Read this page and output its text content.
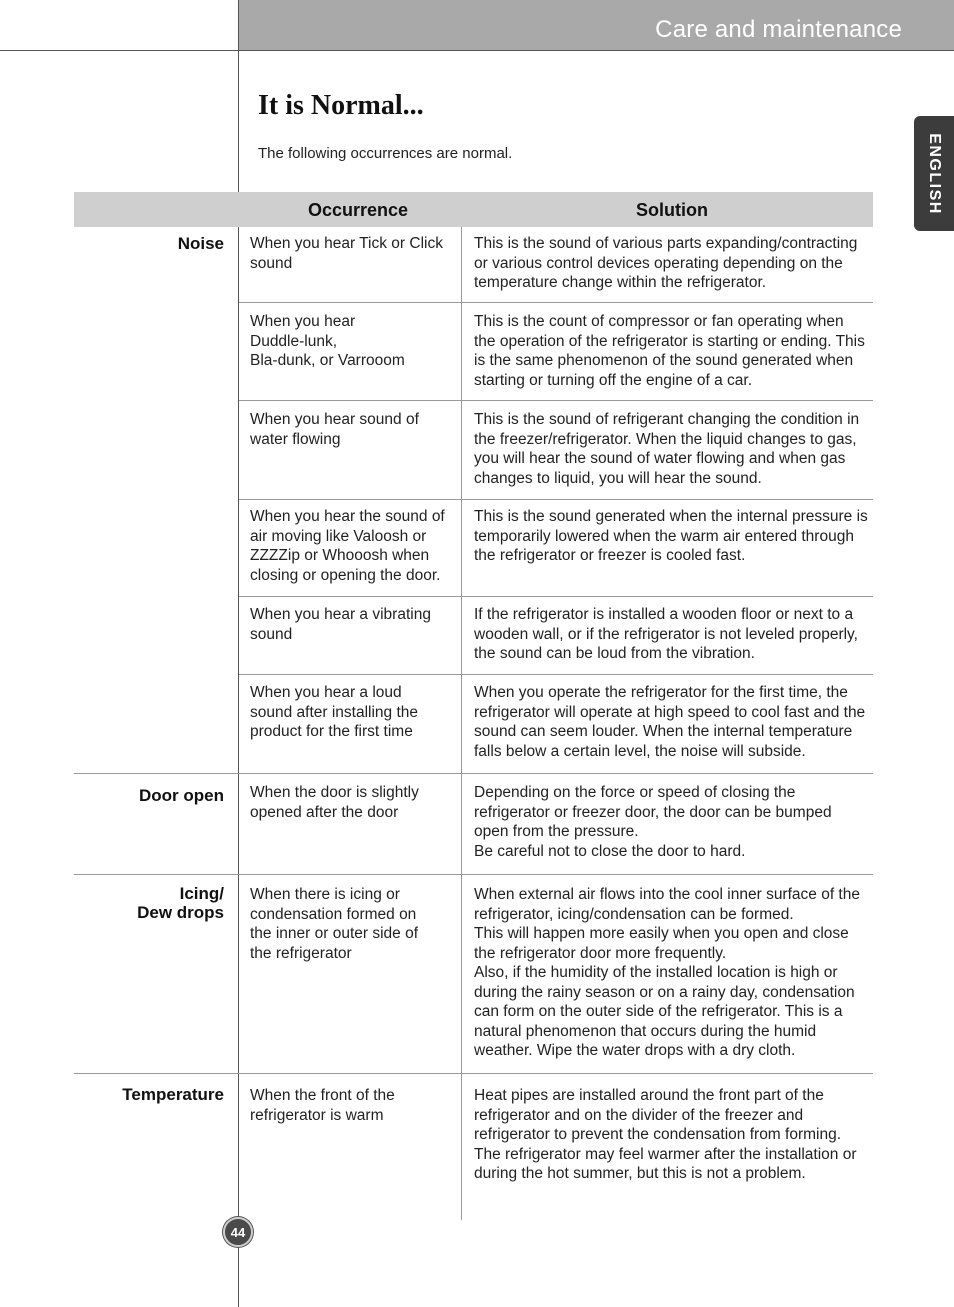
Care and maintenance
ENGLISH
It is Normal...
The following occurrences are normal.
Occurrence	Solution
Noise When you hear Tick or Click
sound
This is the sound of various parts expanding/contracting
or various control devices operating depending on the
temperature change within the refrigerator.
When you hear
Duddle-lunk,
Bla-dunk, or Varrooom
This is the count of compressor or fan operating when
the operation of the refrigerator is starting or ending. This
is the same phenomenon of the sound generated when
starting or turning off the engine of a car.
When you hear sound of
water flowing
This is the sound of refrigerant changing the condition in
the freezer/refrigerator. When the liquid changes to gas,
you will hear the sound of water flowing and when gas
changes to liquid, you will hear the sound.
When you hear the sound of
air moving like Valoosh or
ZZZZip or Whooosh when
closing or opening the door.
This is the sound generated when the internal pressure is
temporarily lowered when the warm air entered through
the refrigerator or freezer is cooled fast.
When you hear a vibrating
sound
If the refrigerator is installed a wooden floor or next to a
wooden wall, or if the refrigerator is not leveled properly,
the sound can be loud from the vibration.
When you hear a loud
sound after installing the
product for the first time
When you operate the refrigerator for the first time, the
refrigerator will operate at high speed to cool fast and the
sound can seem louder. When the internal temperature
falls below a certain level, the noise will subside.
Door open When the door is slightly
opened after the door
Depending on the force or speed of closing the
refrigerator or freezer door, the door can be bumped
open from the pressure.
Be careful not to close the door to hard.
Icing/
Dew drops
When there is icing or
condensation formed on
the inner or outer side of
the refrigerator
When external air flows into the cool inner surface of the
refrigerator, icing/condensation can be formed.
This will happen more easily when you open and close
the refrigerator door more frequently.
Also, if the humidity of the installed location is high or
during the rainy season or on a rainy day, condensation
can form on the outer side of the refrigerator. This is a
natural phenomenon that occurs during the humid
weather. Wipe the water drops with a dry cloth.
Temperature When the front of the
refrigerator is warm
Heat pipes are installed around the front part of the
refrigerator and on the divider of the freezer and
refrigerator to prevent the condensation from forming.
The refrigerator may feel warmer after the installation or
during the hot summer, but this is not a problem.
44
